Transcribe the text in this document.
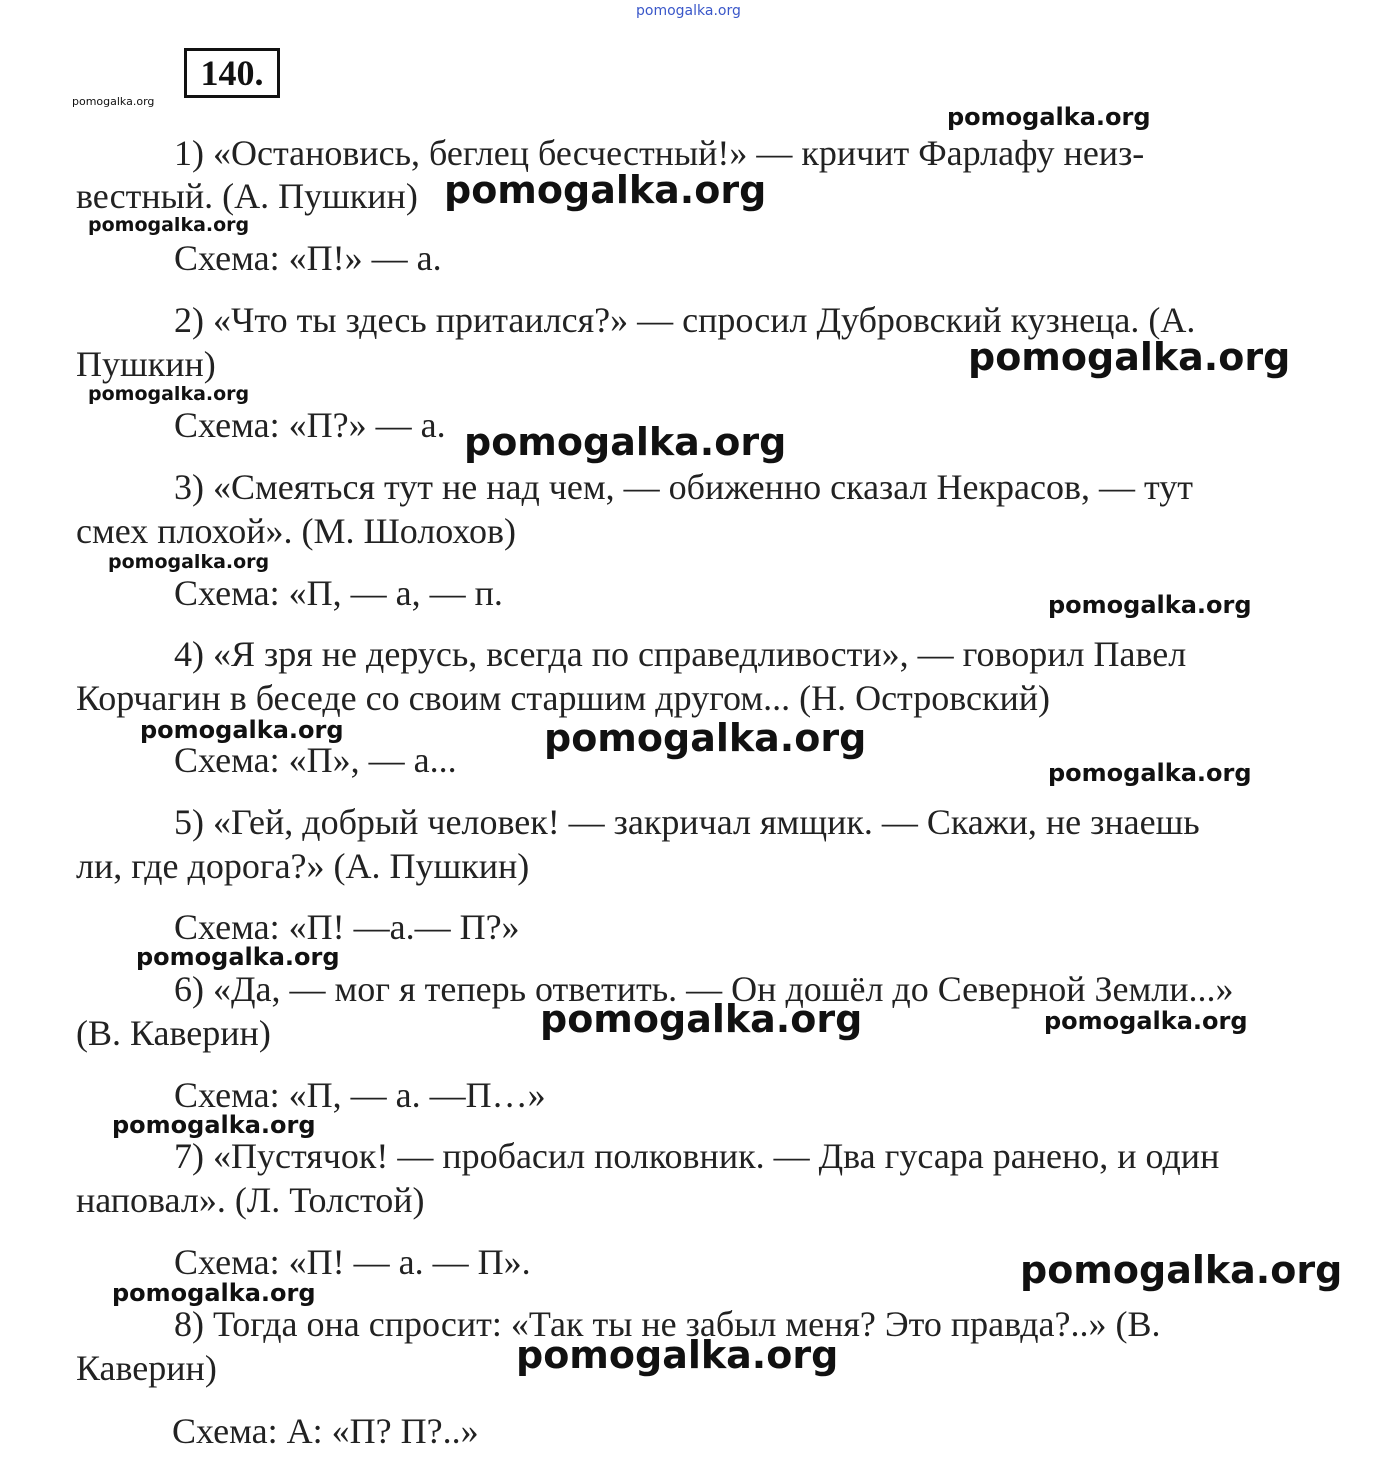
140.
1) «Остановись, беглец бесчестный!» — кричит Фарлафу неиз-
вестный. (А. Пушкин)
Схема: «П!» — а.
2) «Что ты здесь притаился?» — спросил Дубровский кузнеца. (А.
Пушкин)
Схема: «П?» — а.
3) «Смеяться тут не над чем, — обиженно сказал Некрасов, — тут
смех плохой». (М. Шолохов)
Схема: «П, — а, — п.
4) «Я зря не дерусь, всегда по справедливости», — говорил Павел
Корчагин в беседе со своим старшим другом... (Н. Островский)
Схема: «П», — а...
5) «Гей, добрый человек! — закричал ямщик. — Скажи, не знаешь
ли, где дорога?» (А. Пушкин)
Схема: «П! —а.— П?»
6) «Да, — мог я теперь ответить. — Он дошёл до Северной Земли...»
(В. Каверин)
Схема: «П, — а. —П…»
7) «Пустячок! — пробасил полковник. — Два гусара ранено, и один
наповал». (Л. Толстой)
Схема: «П! — а. — П».
8) Тогда она спросит: «Так ты не забыл меня? Это правда?..» (В.
Каверин)
Схема: А: «П? П?..»
pomogalka.org
pomogalka.org
pomogalka.org
pomogalka.org
pomogalka.org
pomogalka.org
pomogalka.org
pomogalka.org
pomogalka.org
pomogalka.org
pomogalka.org	pomogalka.org
pomogalka.org
pomogalka.org
pomogalka.org	pomogalka.org
pomogalka.org
pomogalka.org
pomogalka.org
pomogalka.org
